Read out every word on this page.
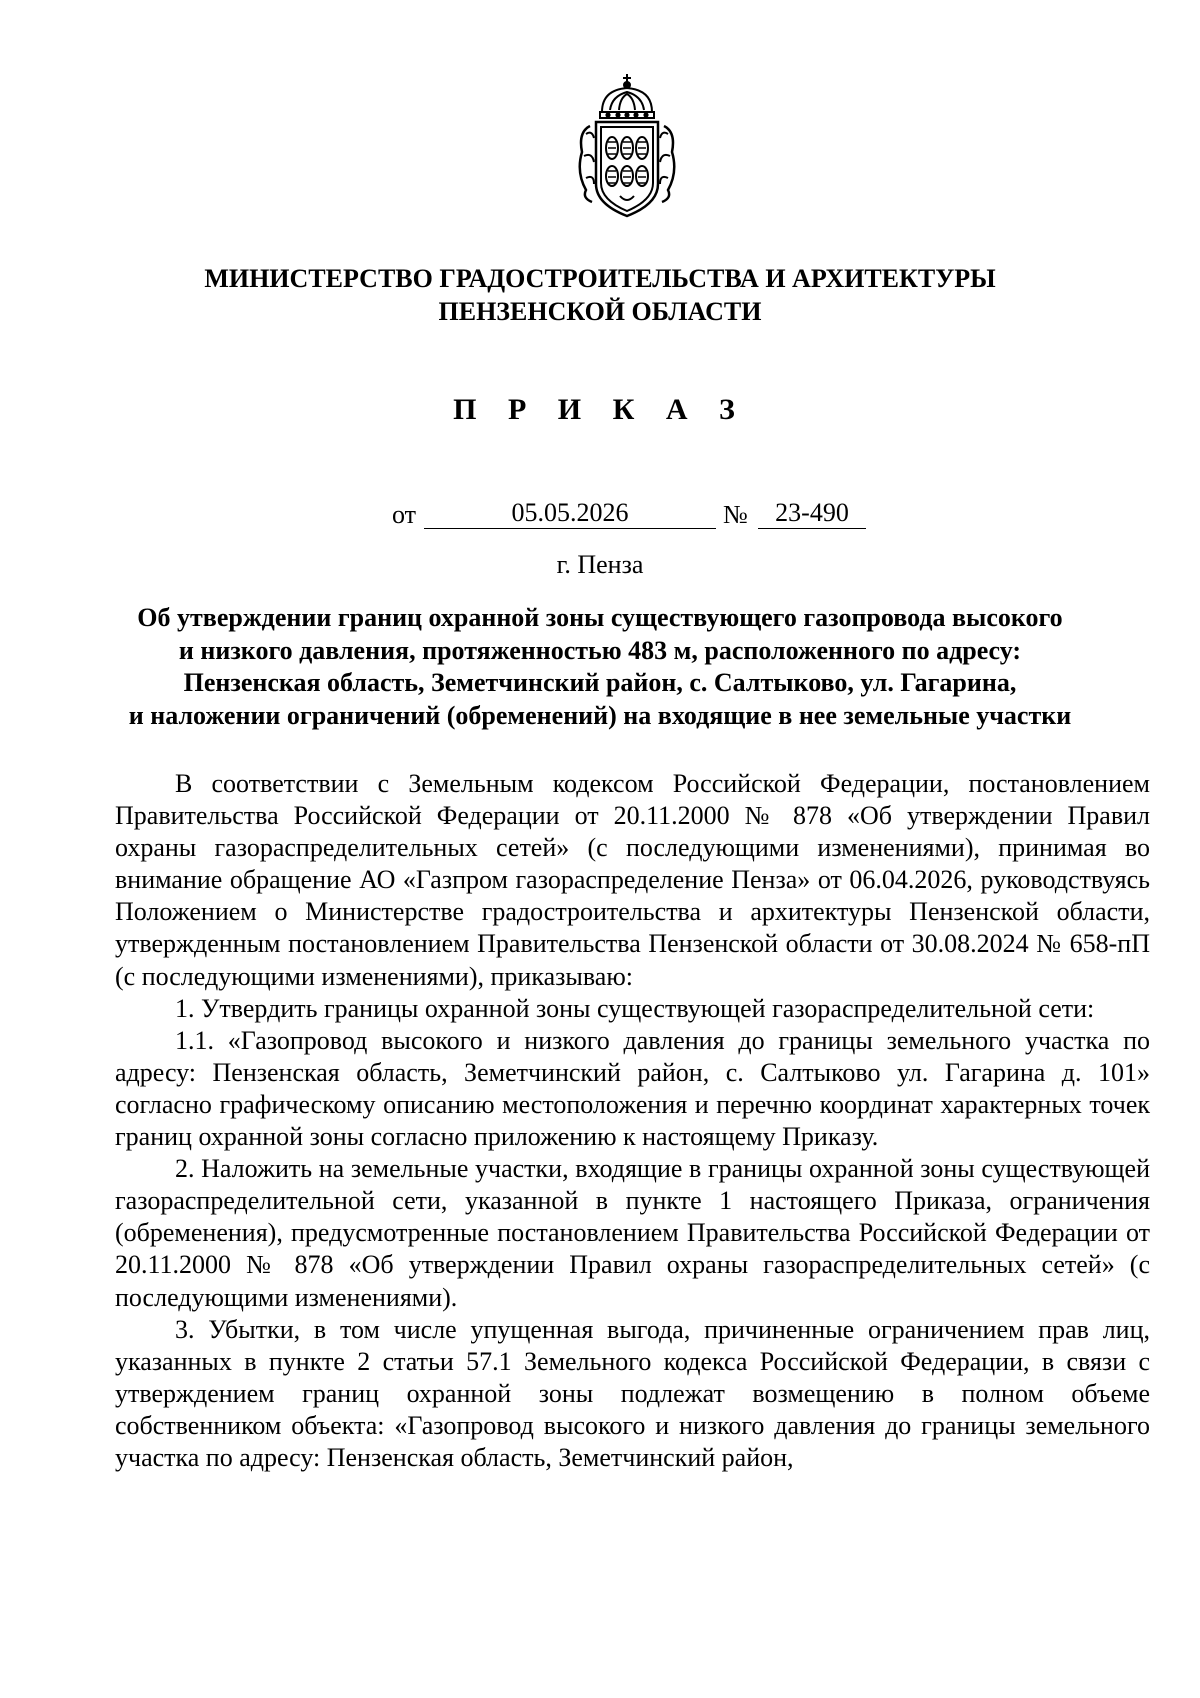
МИНИСТЕРСТВО ГРАДОСТРОИТЕЛЬСТВА И АРХИТЕКТУРЫ
ПЕНЗЕНСКОЙ ОБЛАСТИ
П Р И К А З
от	05.05.2026	№	23-490
г. Пенза
Об утверждении границ охранной зоны существующего газопровода высокого
и низкого давления, протяженностью 483 м, расположенного по адресу:
Пензенская область, Земетчинский район, с. Салтыково, ул. Гагарина,
и наложении ограничений (обременений) на входящие в нее земельные участки

В соответствии с Земельным кодексом Российской Федерации, постановлением Правительства Российской Федерации от 20.11.2000 № 878 «Об утверждении Правил охраны газораспределительных сетей» (с последующими изменениями), принимая во внимание обращение АО «Газпром газораспределение Пенза» от 06.04.2026, руководствуясь Положением о Министерстве градостроительства и архитектуры Пензенской области, утвержденным постановлением Правительства Пензенской области от 30.08.2024 № 658-пП (с последующими изменениями), приказываю:

1. Утвердить границы охранной зоны существующей газораспределительной сети:

1.1. «Газопровод высокого и низкого давления до границы земельного участка по адресу: Пензенская область, Земетчинский район, с. Салтыково ул. Гагарина д. 101» согласно графическому описанию местоположения и перечню координат характерных точек границ охранной зоны согласно приложению к настоящему Приказу.

2. Наложить на земельные участки, входящие в границы охранной зоны существующей газораспределительной сети, указанной в пункте 1 настоящего Приказа, ограничения (обременения), предусмотренные постановлением Правительства Российской Федерации от 20.11.2000 № 878 «Об утверждении Правил охраны газораспределительных сетей» (с последующими изменениями).

3. Убытки, в том числе упущенная выгода, причиненные ограничением прав лиц, указанных в пункте 2 статьи 57.1 Земельного кодекса Российской Федерации, в связи с утверждением границ охранной зоны подлежат возмещению в полном объеме собственником объекта: «Газопровод высокого и низкого давления до границы земельного участка по адресу: Пензенская область, Земетчинский район,
